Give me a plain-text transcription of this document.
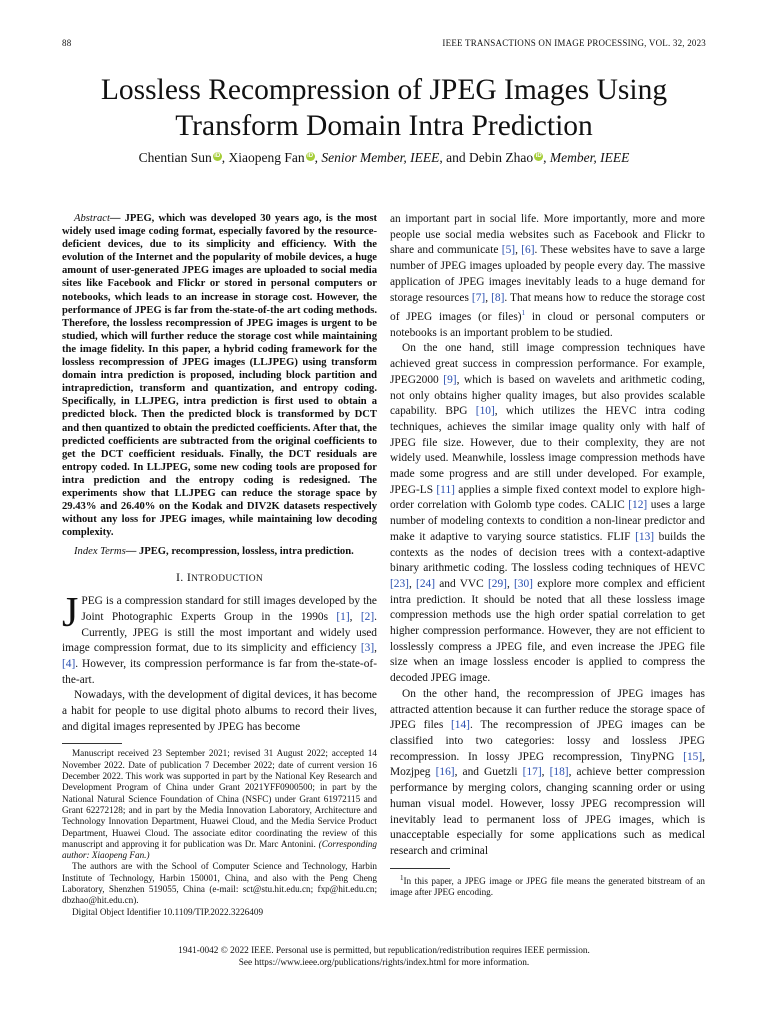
88	IEEE TRANSACTIONS ON IMAGE PROCESSING, VOL. 32, 2023
Lossless Recompression of JPEG Images Using Transform Domain Intra Prediction
Chentian Sun iD , Xiaopeng Fan iD , Senior Member, IEEE, and Debin Zhao iD , Member, IEEE

Abstract— JPEG, which was developed 30 years ago, is the most widely used image coding format, especially favored by the resource-deficient devices, due to its simplicity and efficiency. With the evolution of the Internet and the popularity of mobile devices, a huge amount of user-generated JPEG images are uploaded to social media sites like Facebook and Flickr or stored in personal computers or notebooks, which leads to an increase in storage cost. However, the performance of JPEG is far from the-state-of-the art coding methods. Therefore, the lossless recompression of JPEG images is urgent to be studied, which will further reduce the storage cost while maintaining the image fidelity. In this paper, a hybrid coding framework for the lossless recompression of JPEG images (LLJPEG) using transform domain intra prediction is proposed, including block partition and intraprediction, transform and quantization, and entropy coding. Specifically, in LLJPEG, intra prediction is first used to obtain a predicted block. Then the predicted block is transformed by DCT and then quantized to obtain the predicted coefficients. After that, the predicted coefficients are subtracted from the original coefficients to get the DCT coefficient residuals. Finally, the DCT residuals are entropy coded. In LLJPEG, some new coding tools are proposed for intra prediction and the entropy coding is redesigned. The experiments show that LLJPEG can reduce the storage space by 29.43% and 26.40% on the Kodak and DIV2K datasets respectively without any loss for JPEG images, while maintaining low decoding complexity.

Index Terms— JPEG, recompression, lossless, intra prediction.

I. INTRODUCTION

JPEG is a compression standard for still images developed by the Joint Photographic Experts Group in the 1990s [1], [2]. Currently, JPEG is still the most important and widely used image compression format, due to its simplicity and efficiency [3], [4]. However, its compression performance is far from the-state-of-the-art.

Nowadays, with the development of digital devices, it has become a habit for people to use digital photo albums to record their lives, and digital images represented by JPEG has become

Manuscript received 23 September 2021; revised 31 August 2022; accepted 14 November 2022. Date of publication 7 December 2022; date of current version 16 December 2022. This work was supported in part by the National Key Research and Development Program of China under Grant 2021YFF0900500; in part by the National Natural Science Foundation of China (NSFC) under Grant 61972115 and Grant 62272128; and in part by the Media Innovation Laboratory, Architecture and Technology Innovation Department, Huawei Cloud, and the Media Service Product Department, Huawei Cloud. The associate editor coordinating the review of this manuscript and approving it for publication was Dr. Marc Antonini. (Corresponding author: Xiaopeng Fan.)

The authors are with the School of Computer Science and Technology, Harbin Institute of Technology, Harbin 150001, China, and also with the Peng Cheng Laboratory, Shenzhen 519055, China (e-mail: sct@stu.hit.edu.cn; fxp@hit.edu.cn; dbzhao@hit.edu.cn).

Digital Object Identifier 10.1109/TIP.2022.3226409

an important part in social life. More importantly, more and more people use social media websites such as Facebook and Flickr to share and communicate [5], [6]. These websites have to save a large number of JPEG images uploaded by people every day. The massive application of JPEG images inevitably leads to a huge demand for storage resources [7], [8]. That means how to reduce the storage cost of JPEG images (or files)$^1$ in cloud or personal computers or notebooks is an important problem to be studied.

On the one hand, still image compression techniques have achieved great success in compression performance. For example, JPEG2000 [9], which is based on wavelets and arithmetic coding, not only obtains higher quality images, but also provides scalable capability. BPG [10], which utilizes the HEVC intra coding techniques, achieves the similar image quality only with half of JPEG file size. However, due to their complexity, they are not widely used. Meanwhile, lossless image compression methods have made some progress and are still under developed. For example, JPEG-LS [11] applies a simple fixed context model to explore high-order correlation with Golomb type codes. CALIC [12] uses a large number of modeling contexts to condition a non-linear predictor and make it adaptive to varying source statistics. FLIF [13] builds the contexts as the nodes of decision trees with a context-adaptive binary arithmetic coding. The lossless coding techniques of HEVC [23], [24] and VVC [29], [30] explore more complex and efficient intra prediction. It should be noted that all these lossless image compression methods use the high order spatial correlation to get higher compression performance. However, they are not efficient to losslessly compress a JPEG file, and even increase the JPEG file size when an image lossless encoder is applied to compress the decoded JPEG image.

On the other hand, the recompression of JPEG images has attracted attention because it can further reduce the storage space of JPEG files [14]. The recompression of JPEG images can be classified into two categories: lossy and lossless JPEG recompression. In lossy JPEG recompression, TinyPNG [15], Mozjpeg [16], and Guetzli [17], [18], achieve better compression performance by merging colors, changing scanning order or using human visual model. However, lossy JPEG recompression will inevitably lead to permanent loss of JPEG images, which is unacceptable especially for some applications such as medical research and criminal

$^1$In this paper, a JPEG image or JPEG file means the generated bitstream of an image after JPEG encoding.

1941-0042 © 2022 IEEE. Personal use is permitted, but republication/redistribution requires IEEE permission.
See https://www.ieee.org/publications/rights/index.html for more information.
